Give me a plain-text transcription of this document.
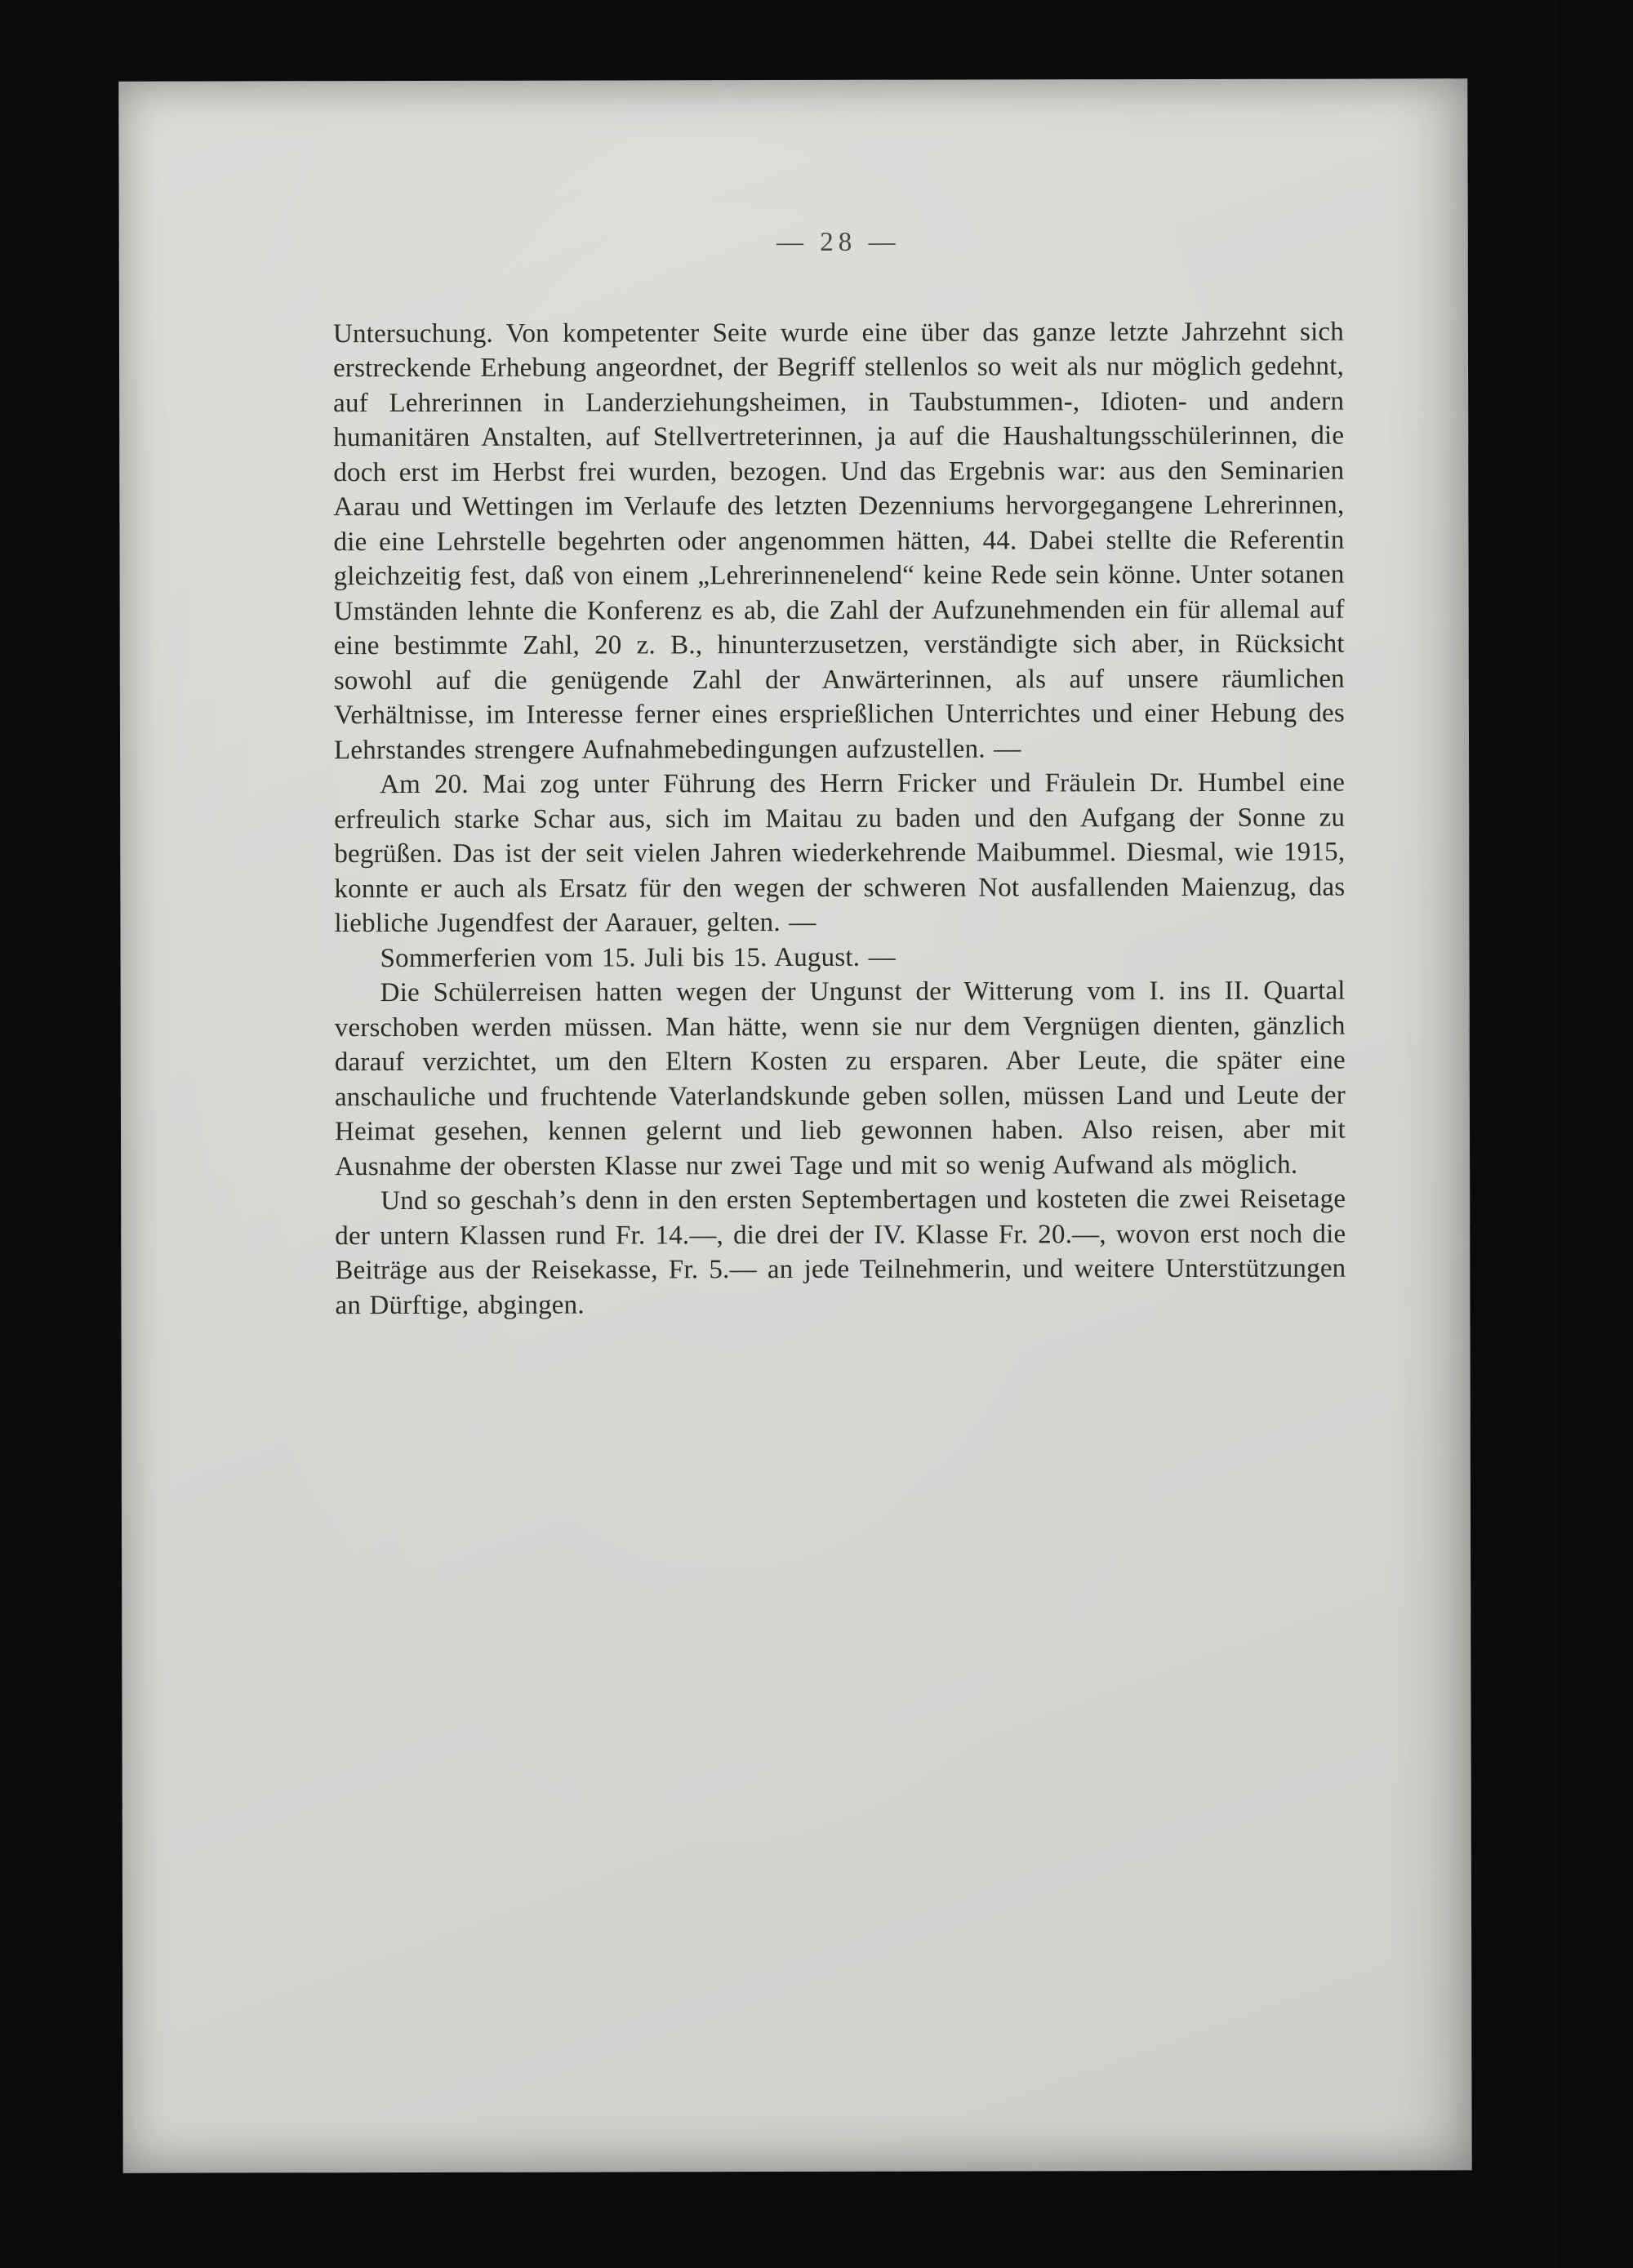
— 28 —

Untersuchung. Von kompetenter Seite wurde eine über das ganze letzte Jahrzehnt sich erstreckende Erhebung angeordnet, der Begriff stellenlos so weit als nur möglich gedehnt, auf Lehrerinnen in Landerziehungsheimen, in Taubstummen-, Idioten- und andern humanitären Anstalten, auf Stellvertreterinnen, ja auf die Haushaltungsschülerinnen, die doch erst im Herbst frei wurden, bezogen. Und das Ergebnis war: aus den Seminarien Aarau und Wettingen im Verlaufe des letzten Dezenniums hervorgegangene Lehrerinnen, die eine Lehrstelle begehrten oder angenommen hätten, 44. Dabei stellte die Referentin gleichzeitig fest, daß von einem „Lehrerinnenelend“ keine Rede sein könne. Unter sotanen Umständen lehnte die Konferenz es ab, die Zahl der Aufzunehmenden ein für allemal auf eine bestimmte Zahl, 20 z. B., hinunterzusetzen, verständigte sich aber, in Rücksicht sowohl auf die genügende Zahl der Anwärterinnen, als auf unsere räumlichen Verhältnisse, im Interesse ferner eines ersprießlichen Unterrichtes und einer Hebung des Lehrstandes strengere Aufnahmebedingungen aufzustellen. —

Am 20. Mai zog unter Führung des Herrn Fricker und Fräulein Dr. Humbel eine erfreulich starke Schar aus, sich im Maitau zu baden und den Aufgang der Sonne zu begrüßen. Das ist der seit vielen Jahren wiederkehrende Maibummel. Diesmal, wie 1915, konnte er auch als Ersatz für den wegen der schweren Not ausfallenden Maienzug, das liebliche Jugendfest der Aarauer, gelten. —

Sommerferien vom 15. Juli bis 15. August. —

Die Schülerreisen hatten wegen der Ungunst der Witterung vom I. ins II. Quartal verschoben werden müssen. Man hätte, wenn sie nur dem Vergnügen dienten, gänzlich darauf verzichtet, um den Eltern Kosten zu ersparen. Aber Leute, die später eine anschauliche und fruchtende Vaterlandskunde geben sollen, müssen Land und Leute der Heimat gesehen, kennen gelernt und lieb gewonnen haben. Also reisen, aber mit Ausnahme der obersten Klasse nur zwei Tage und mit so wenig Aufwand als möglich.

Und so geschah’s denn in den ersten Septembertagen und kosteten die zwei Reisetage der untern Klassen rund Fr. 14.—, die drei der IV. Klasse Fr. 20.—, wovon erst noch die Beiträge aus der Reisekasse, Fr. 5.— an jede Teilnehmerin, und weitere Unterstützungen an Dürftige, abgingen.
